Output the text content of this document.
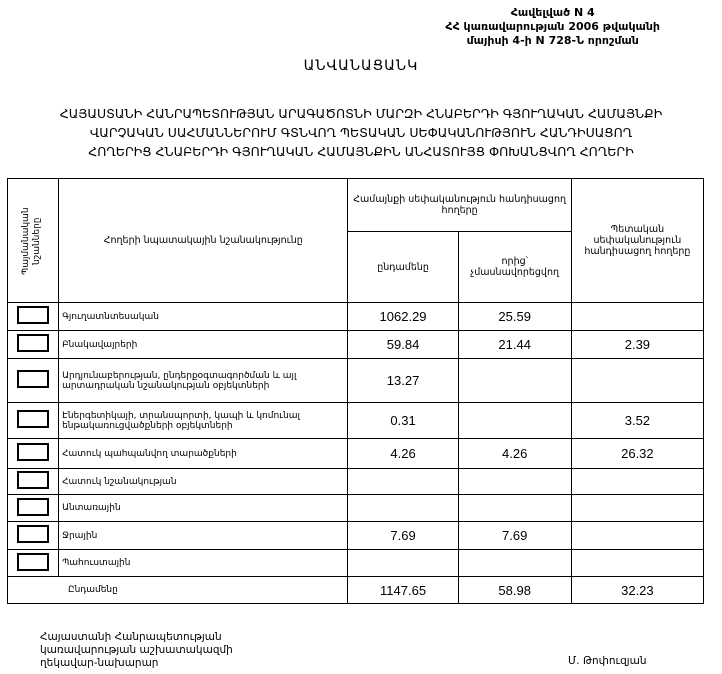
Հավելված N 4
ՀՀ կառավարության 2006 թվականի
մայիսի 4-ի N 728-Ն որոշման
ԱՆՎԱՆԱՑԱՆԿ
ՀԱՅԱՍՏԱՆԻ ՀԱՆՐԱՊԵՏՈՒԹՅԱՆ ԱՐԱԳԱԾՈՏՆԻ ՄԱՐԶԻ ՀՆԱԲԵՐԴԻ ԳՅՈՒՂԱԿԱՆ ՀԱՄԱՅՆՔԻ
ՎԱՐՉԱԿԱՆ ՍԱՀՄԱՆՆԵՐՈՒՄ ԳՏՆՎՈՂ ՊԵՏԱԿԱՆ ՍԵՓԱԿԱՆՈՒԹՅՈՒՆ ՀԱՆԴԻՍԱՑՈՂ
ՀՈՂԵՐԻՑ ՀՆԱԲԵՐԴԻ ԳՅՈՒՂԱԿԱՆ ՀԱՄԱՅՆՔԻՆ ԱՆՀԱՏՈՒՅՑ ՓՈԽԱՆՑՎՈՂ ՀՈՂԵՐԻ
Պայմանական նշանները	Հողերի նպատակային նշանակությունը	Համայնքի սեփականություն հանդիսացող հողերը		Պետական սեփականություն հանդիսացող հողերը
		ընդամենը	որից՝ չմասնավորեցվող	
	Գյուղատնտեսական	1062.29	25.59	
	Բնակավայրերի	59.84	21.44	2.39
	Արդյունաբերության, ընդերքօգտագործման և այլ արտադրական նշանակության օբյեկտների	13.27		
	Էներգետիկայի, տրանսպորտի, կապի և կոմունալ ենթակառուցվածքների օբյեկտների	0.31		3.52
	Հատուկ պահպանվող տարածքների	4.26	4.26	26.32
	Հատուկ նշանակության			
	Անտառային			
	Ջրային	7.69	7.69	
	Պահուստային			
Ընդամենը		1147.65	58.98	32.23
Հայաստանի Հանրապետության
կառավարության աշխատակազմի
ղեկավար-նախարար	Մ. Թոփուզյան
